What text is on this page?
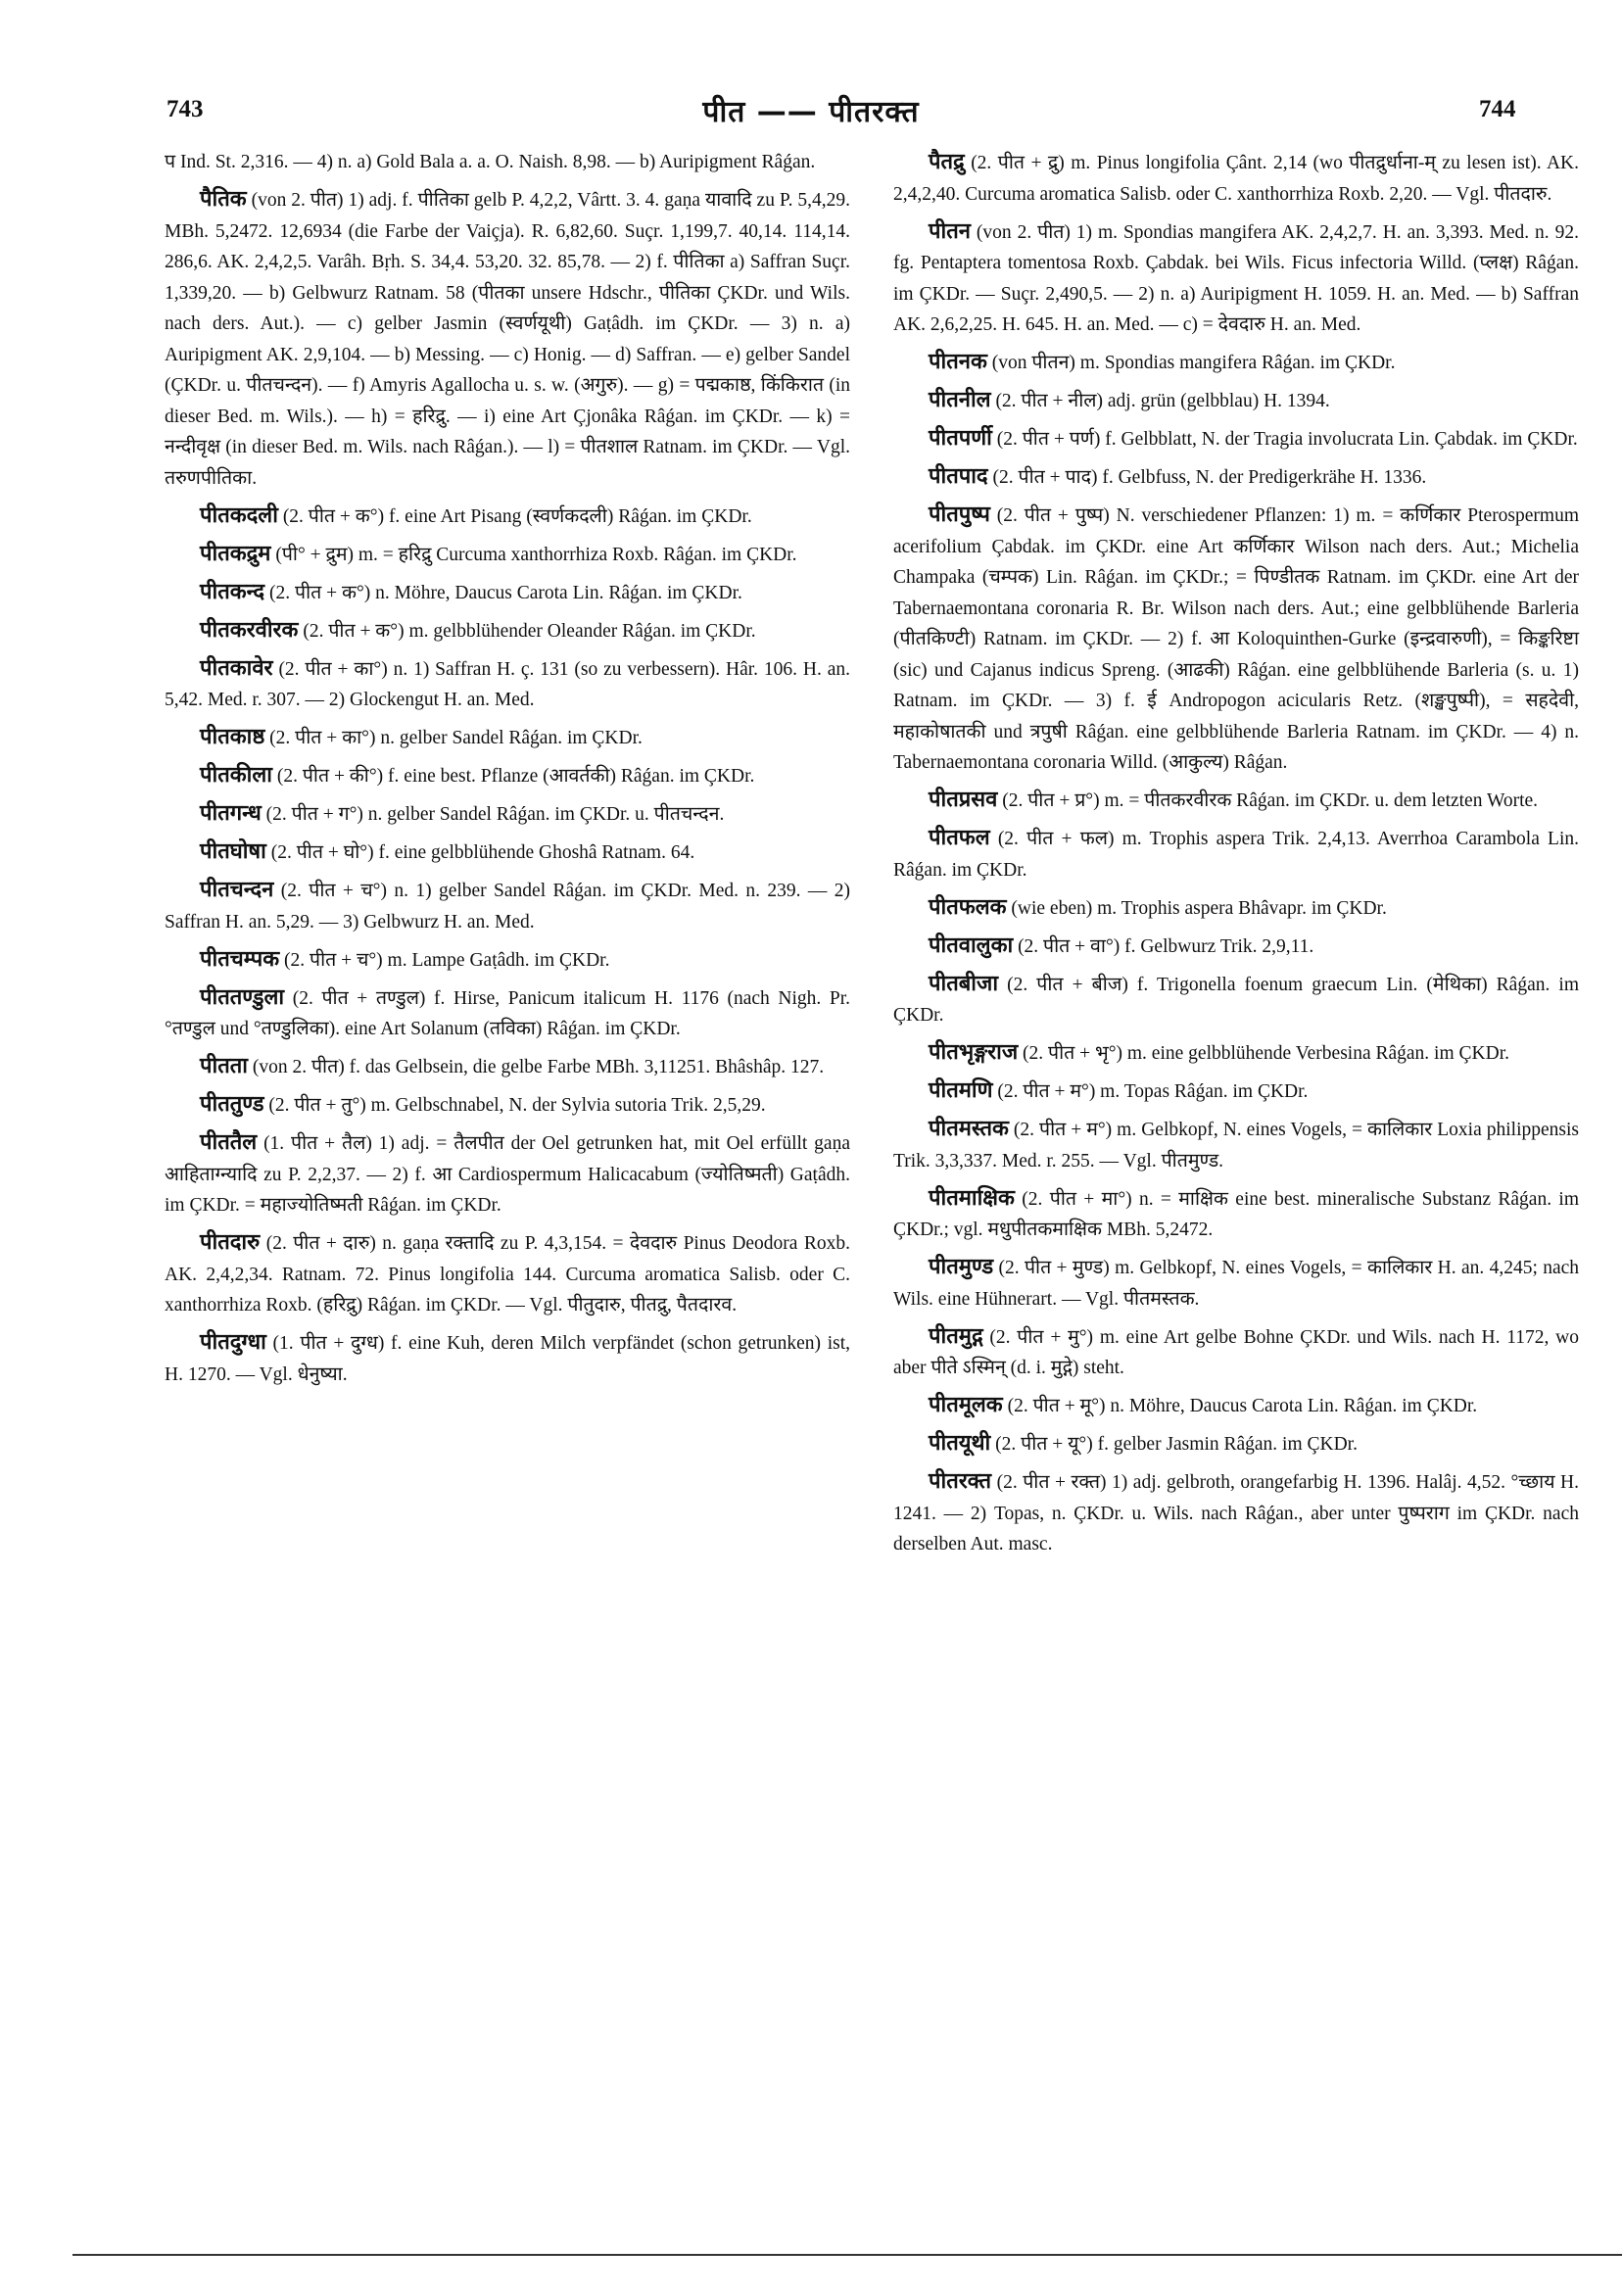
743	पीत —— पीतरक्त	744

प Ind. St. 2,316. — 4) n. a) Gold Bala a. a. O. Naish. 8,98. — b) Auripigment Râǵan.

पैतिक (von 2. पीत) 1) adj. f. पीतिका gelb P. 4,2,2, Vârtt. 3. 4. gaṇa यावादि zu P. 5,4,29. MBh. 5,2472. 12,6934 (die Farbe der Vaiçja). R. 6,82,60. Suçr. 1,199,7. 40,14. 114,14. 286,6. AK. 2,4,2,5. Varâh. Bṛh. S. 34,4. 53,20. 32. 85,78. — 2) f. पीतिका a) Saffran Suçr. 1,339,20. — b) Gelbwurz Ratnam. 58 (पीतका unsere Hdschr., पीतिका ÇKDr. und Wils. nach ders. Aut.). — c) gelber Jasmin (स्वर्णयूथी) Gaṭâdh. im ÇKDr. — 3) n. a) Auripigment AK. 2,9,104. — b) Messing. — c) Honig. — d) Saffran. — e) gelber Sandel (ÇKDr. u. पीतचन्दन). — f) Amyris Agallocha u. s. w. (अगुरु). — g) = पद्मकाष्ठ, किंकिरात (in dieser Bed. m. Wils.). — h) = हरिद्रु. — i) eine Art Çjonâka Râǵan. im ÇKDr. — k) = नन्दीवृक्ष (in dieser Bed. m. Wils. nach Râǵan.). — l) = पीतशाल Ratnam. im ÇKDr. — Vgl. तरुणपीतिका.

पीतकदली (2. पीत + क°) f. eine Art Pisang (स्वर्णकदली) Râǵan. im ÇKDr.

पीतकद्रुम (पी° + द्रुम) m. = हरिद्रु Curcuma xanthorrhiza Roxb. Râǵan. im ÇKDr.

पीतकन्द (2. पीत + क°) n. Möhre, Daucus Carota Lin. Râǵan. im ÇKDr.

पीतकरवीरक (2. पीत + क°) m. gelbblühender Oleander Râǵan. im ÇKDr.

पीतकावेर (2. पीत + का°) n. 1) Saffran H. ç. 131 (so zu verbessern). Hâr. 106. H. an. 5,42. Med. r. 307. — 2) Glockengut H. an. Med.

पीतकाष्ठ (2. पीत + का°) n. gelber Sandel Râǵan. im ÇKDr.

पीतकीला (2. पीत + की°) f. eine best. Pflanze (आवर्तकी) Râǵan. im ÇKDr.

पीतगन्ध (2. पीत + ग°) n. gelber Sandel Râǵan. im ÇKDr. u. पीतचन्दन.

पीतघोषा (2. पीत + घो°) f. eine gelbblühende Ghoshâ Ratnam. 64.

पीतचन्दन (2. पीत + च°) n. 1) gelber Sandel Râǵan. im ÇKDr. Med. n. 239. — 2) Saffran H. an. 5,29. — 3) Gelbwurz H. an. Med.

पीतचम्पक (2. पीत + च°) m. Lampe Gaṭâdh. im ÇKDr.

पीततण्डुला (2. पीत + तण्डुल) f. Hirse, Panicum italicum H. 1176 (nach Nigh. Pr. °तण्डुल und °तण्डुलिका). eine Art Solanum (तविका) Râǵan. im ÇKDr.

पीतता (von 2. पीत) f. das Gelbsein, die gelbe Farbe MBh. 3,11251. Bhâshâp. 127.

पीततुण्ड (2. पीत + तु°) m. Gelbschnabel, N. der Sylvia sutoria Trik. 2,5,29.

पीततैल (1. पीत + तैल) 1) adj. = तैलपीत der Oel getrunken hat, mit Oel erfüllt gaṇa आहिताग्न्यादि zu P. 2,2,37. — 2) f. आ Cardiospermum Halicacabum (ज्योतिष्मती) Gaṭâdh. im ÇKDr. = महाज्योतिष्मती Râǵan. im ÇKDr.

पीतदारु (2. पीत + दारु) n. gaṇa रक्तादि zu P. 4,3,154. = देवदारु Pinus Deodora Roxb. AK. 2,4,2,34. Ratnam. 72. Pinus longifolia 144. Curcuma aromatica Salisb. oder C. xanthorrhiza Roxb. (हरिद्रु) Râǵan. im ÇKDr. — Vgl. पीतुदारु, पीतद्रु, पैतदारव.

पीतदुग्धा (1. पीत + दुग्ध) f. eine Kuh, deren Milch verpfändet (schon getrunken) ist, H. 1270. — Vgl. धेनुष्या.

पैतद्रु (2. पीत + द्रु) m. Pinus longifolia Çânt. 2,14 (wo पीतद्रुर्धाना-म् zu lesen ist). AK. 2,4,2,40. Curcuma aromatica Salisb. oder C. xanthorrhiza Roxb. 2,20. — Vgl. पीतदारु.

पीतन (von 2. पीत) 1) m. Spondias mangifera AK. 2,4,2,7. H. an. 3,393. Med. n. 92. fg. Pentaptera tomentosa Roxb. Çabdak. bei Wils. Ficus infectoria Willd. (प्लक्ष) Râǵan. im ÇKDr. — Suçr. 2,490,5. — 2) n. a) Auripigment H. 1059. H. an. Med. — b) Saffran AK. 2,6,2,25. H. 645. H. an. Med. — c) = देवदारु H. an. Med.

पीतनक (von पीतन) m. Spondias mangifera Râǵan. im ÇKDr.

पीतनील (2. पीत + नील) adj. grün (gelbblau) H. 1394.

पीतपर्णी (2. पीत + पर्ण) f. Gelbblatt, N. der Tragia involucrata Lin. Çabdak. im ÇKDr.

पीतपाद (2. पीत + पाद) f. Gelbfuss, N. der Predigerkrähe H. 1336.

पीतपुष्प (2. पीत + पुष्प) N. verschiedener Pflanzen: 1) m. = कर्णिकार Pterospermum acerifolium Çabdak. im ÇKDr. eine Art कर्णिकार Wilson nach ders. Aut.; Michelia Champaka (चम्पक) Lin. Râǵan. im ÇKDr.; = पिण्डीतक Ratnam. im ÇKDr. eine Art der Tabernaemontana coronaria R. Br. Wilson nach ders. Aut.; eine gelbblühende Barleria (पीतकिण्टी) Ratnam. im ÇKDr. — 2) f. आ Koloquinthen-Gurke (इन्द्रवारुणी), = किङ्करिष्टा (sic) und Cajanus indicus Spreng. (आढकी) Râǵan. eine gelbblühende Barleria (s. u. 1) Ratnam. im ÇKDr. — 3) f. ई Andropogon acicularis Retz. (शङ्खपुष्पी), = सहदेवी, महाकोषातकी und त्रपुषी Râǵan. eine gelbblühende Barleria Ratnam. im ÇKDr. — 4) n. Tabernaemontana coronaria Willd. (आकुल्य) Râǵan.

पीतप्रसव (2. पीत + प्र°) m. = पीतकरवीरक Râǵan. im ÇKDr. u. dem letzten Worte.

पीतफल (2. पीत + फल) m. Trophis aspera Trik. 2,4,13. Averrhoa Carambola Lin. Râǵan. im ÇKDr.

पीतफलक (wie eben) m. Trophis aspera Bhâvapr. im ÇKDr.

पीतवालुका (2. पीत + वा°) f. Gelbwurz Trik. 2,9,11.

पीतबीजा (2. पीत + बीज) f. Trigonella foenum graecum Lin. (मेथिका) Râǵan. im ÇKDr.

पीतभृङ्गराज (2. पीत + भृ°) m. eine gelbblühende Verbesina Râǵan. im ÇKDr.

पीतमणि (2. पीत + म°) m. Topas Râǵan. im ÇKDr.

पीतमस्तक (2. पीत + म°) m. Gelbkopf, N. eines Vogels, = कालिकार Loxia philippensis Trik. 3,3,337. Med. r. 255. — Vgl. पीतमुण्ड.

पीतमाक्षिक (2. पीत + मा°) n. = माक्षिक eine best. mineralische Substanz Râǵan. im ÇKDr.; vgl. मधुपीतकमाक्षिक MBh. 5,2472.

पीतमुण्ड (2. पीत + मुण्ड) m. Gelbkopf, N. eines Vogels, = कालिकार H. an. 4,245; nach Wils. eine Hühnerart. — Vgl. पीतमस्तक.

पीतमुद्ग (2. पीत + मु°) m. eine Art gelbe Bohne ÇKDr. und Wils. nach H. 1172, wo aber पीते ऽस्मिन् (d. i. मुद्गे) steht.

पीतमूलक (2. पीत + मू°) n. Möhre, Daucus Carota Lin. Râǵan. im ÇKDr.

पीतयूथी (2. पीत + यू°) f. gelber Jasmin Râǵan. im ÇKDr.

पीतरक्त (2. पीत + रक्त) 1) adj. gelbroth, orangefarbig H. 1396. Halâj. 4,52. °च्छाय H. 1241. — 2) Topas, n. ÇKDr. u. Wils. nach Râǵan., aber unter पुष्पराग im ÇKDr. nach derselben Aut. masc.
